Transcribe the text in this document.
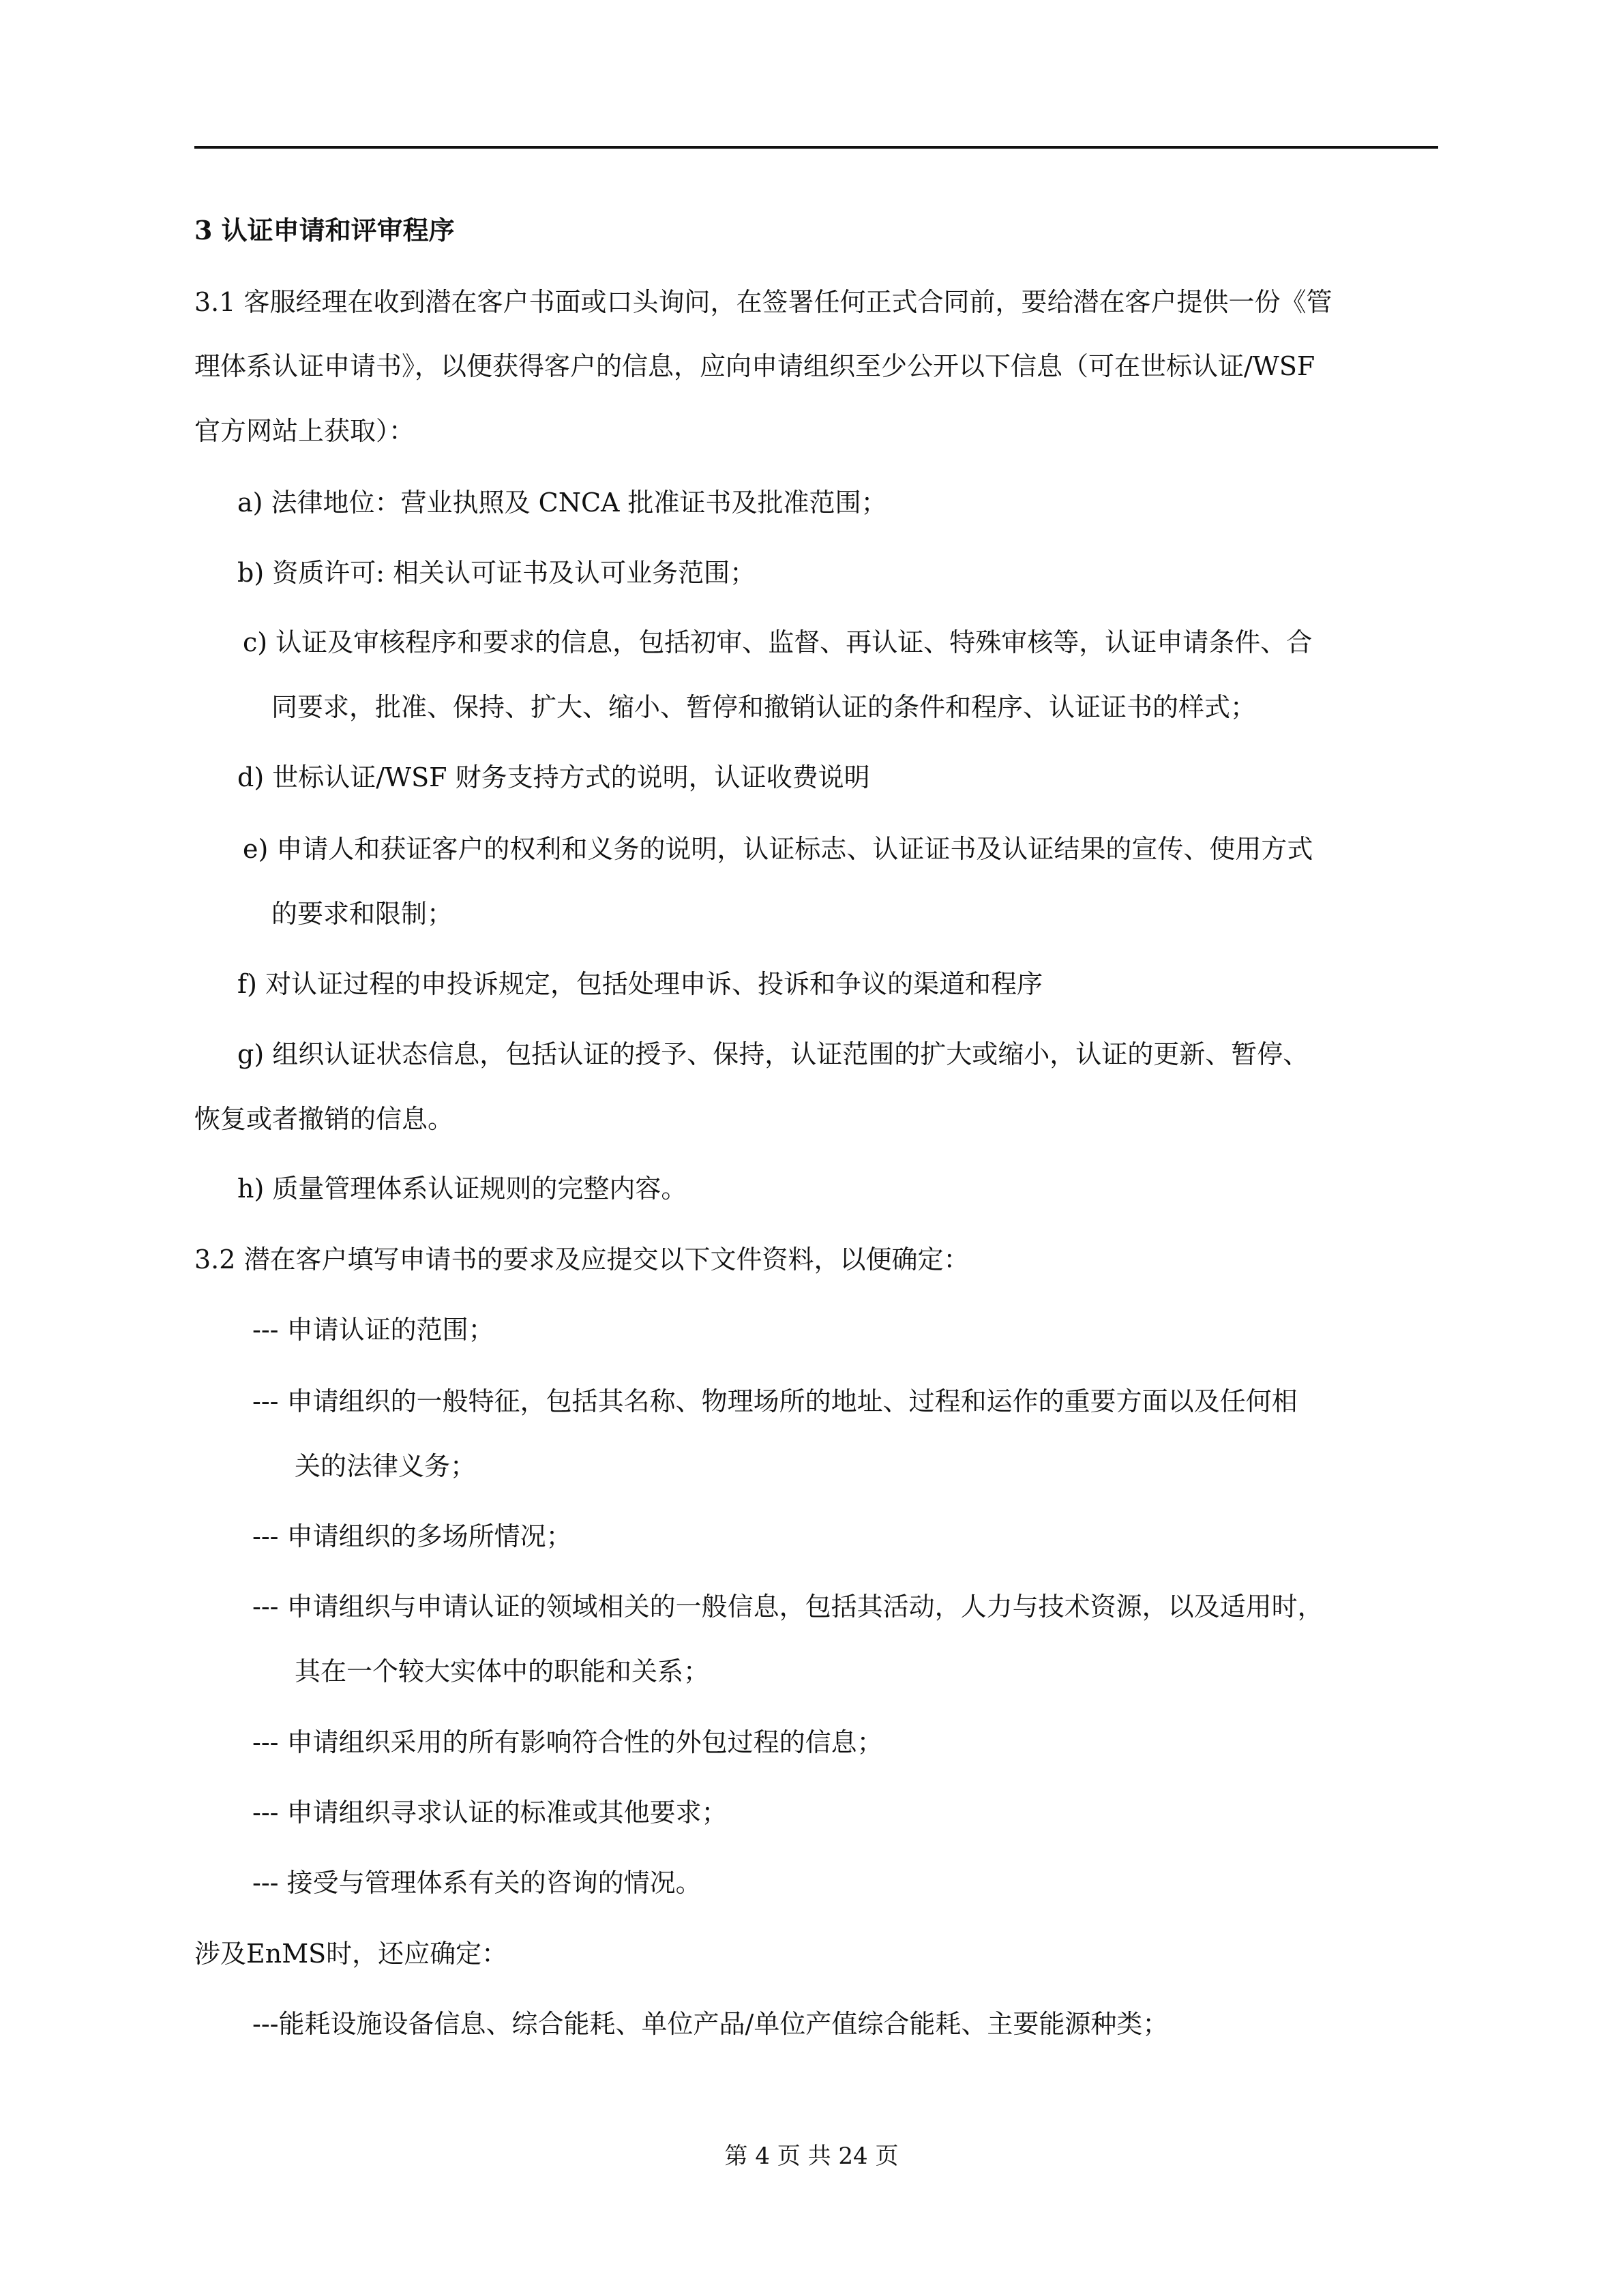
3 认证申请和评审程序
3.1 客服经理在收到潜在客户书面或口头询问，在签署任何正式合同前，要给潜在客户提供一份《管
理体系认证申请书》，以便获得客户的信息，应向申请组织至少公开以下信息（可在世标认证/WSF
官方网站上获取）：
a) 法律地位：营业执照及 CNCA 批准证书及批准范围；
b) 资质许可: 相关认可证书及认可业务范围；
c) 认证及审核程序和要求的信息，包括初审、监督、再认证、特殊审核等，认证申请条件、合
同要求，批准、保持、扩大、缩小、暂停和撤销认证的条件和程序、认证证书的样式；
d) 世标认证/WSF 财务支持方式的说明，认证收费说明
e) 申请人和获证客户的权利和义务的说明，认证标志、认证证书及认证结果的宣传、使用方式
的要求和限制；
f) 对认证过程的申投诉规定，包括处理申诉、投诉和争议的渠道和程序
g) 组织认证状态信息，包括认证的授予、保持，认证范围的扩大或缩小，认证的更新、暂停、
恢复或者撤销的信息。
h) 质量管理体系认证规则的完整内容。
3.2 潜在客户填写申请书的要求及应提交以下文件资料，以便确定：
--- 申请认证的范围；
--- 申请组织的一般特征，包括其名称、物理场所的地址、过程和运作的重要方面以及任何相
关的法律义务；
--- 申请组织的多场所情况；
--- 申请组织与申请认证的领域相关的一般信息，包括其活动，人力与技术资源，以及适用时，
其在一个较大实体中的职能和关系；
--- 申请组织采用的所有影响符合性的外包过程的信息；
--- 申请组织寻求认证的标准或其他要求；
--- 接受与管理体系有关的咨询的情况。
涉及EnMS时，还应确定：
---能耗设施设备信息、综合能耗、单位产品/单位产值综合能耗、主要能源种类；
第 4 页 共 24 页
